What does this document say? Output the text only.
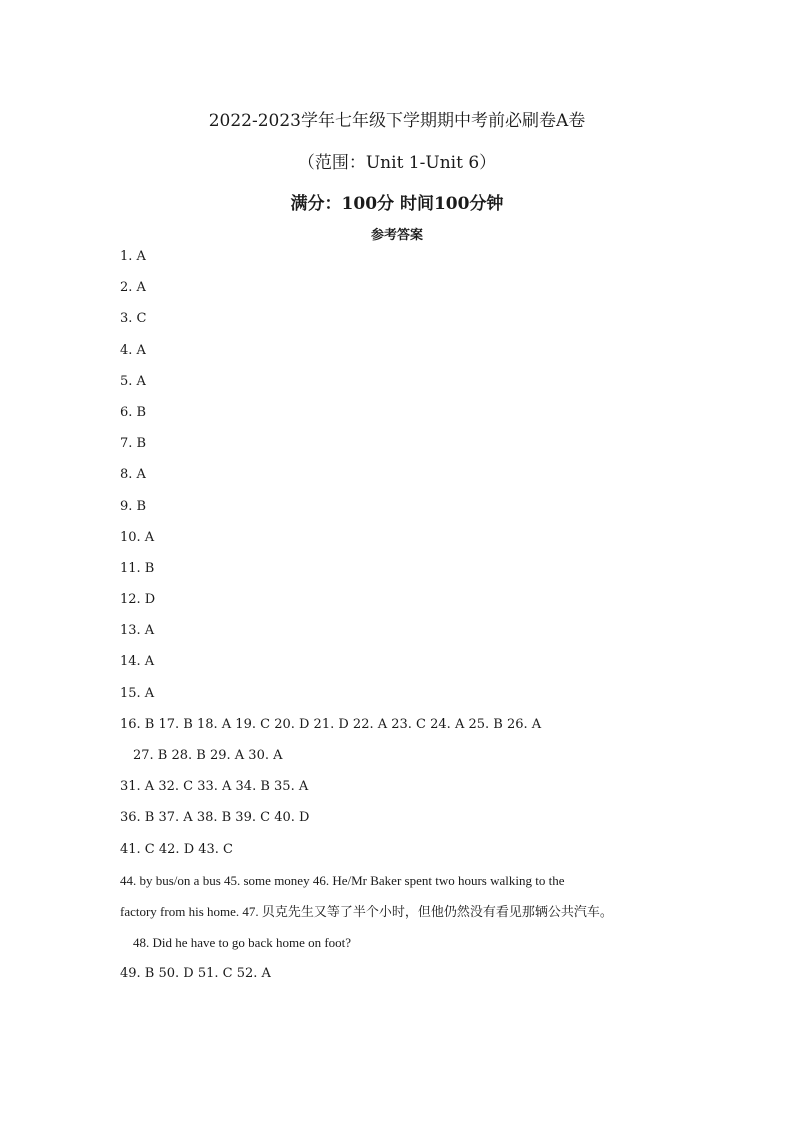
2022-2023学年七年级下学期期中考前必刷卷A卷
（范围：Unit 1-Unit 6）
满分：100分 时间100分钟
参考答案
1. A
2. A
3. C
4. A
5. A
6. B
7. B
8. A
9. B
10. A
11. B
12. D
13. A
14. A
15. A
16. B 17. B 18. A 19. C 20. D 21. D 22. A 23. C 24. A 25. B 26. A
27. B 28. B 29. A 30. A
31. A 32. C 33. A 34. B 35. A
36. B 37. A 38. B 39. C 40. D
41. C 42. D 43. C
44. by bus/on a bus 45. some money 46. He/Mr Baker spent two hours walking to the
factory from his home. 47. 贝克先生又等了半个小时，但他仍然没有看见那辆公共汽车。
48. Did he have to go back home on foot?
49. B 50. D 51. C 52. A
